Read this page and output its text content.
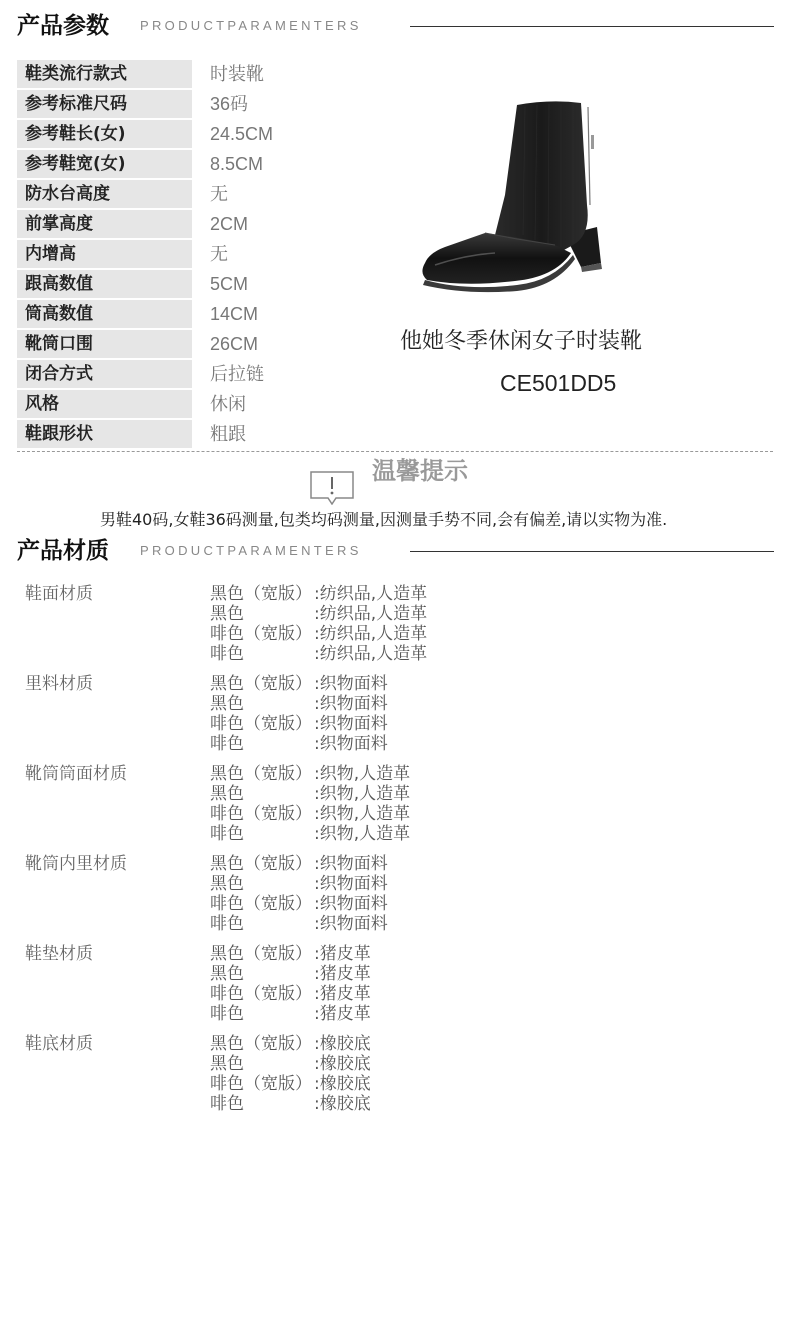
产品参数 PRODUCTPARAMENTERS
鞋类流行款式	时装靴
参考标准尺码	36码
参考鞋长(女)	24.5CM
参考鞋宽(女)	8.5CM
防水台高度	无
前掌高度	2CM
内增高	无
跟高数值	5CM
筒高数值	14CM
靴筒口围	26CM
闭合方式	后拉链
风格	休闲
鞋跟形状	粗跟
他她冬季休闲女子时装靴
CE501DD5
温馨提示
男鞋40码,女鞋36码测量,包类均码测量,因测量手势不同,会有偏差,请以实物为准.
产品材质 PRODUCTPARAMENTERS
鞋面材质	黑色（宽版） :纺织品,人造革
黑色	:纺织品,人造革
啡色（宽版） :纺织品,人造革
啡色	:纺织品,人造革
里料材质	黑色（宽版） :织物面料
黑色	:织物面料
啡色（宽版） :织物面料
啡色	:织物面料
靴筒筒面材质	黑色（宽版） :织物,人造革
黑色	:织物,人造革
啡色（宽版） :织物,人造革
啡色	:织物,人造革
靴筒内里材质	黑色（宽版） :织物面料
黑色	:织物面料
啡色（宽版） :织物面料
啡色	:织物面料
鞋垫材质	黑色（宽版） :猪皮革
黑色	:猪皮革
啡色（宽版） :猪皮革
啡色	:猪皮革
鞋底材质	黑色（宽版） :橡胶底
黑色	:橡胶底
啡色（宽版） :橡胶底
啡色	:橡胶底
